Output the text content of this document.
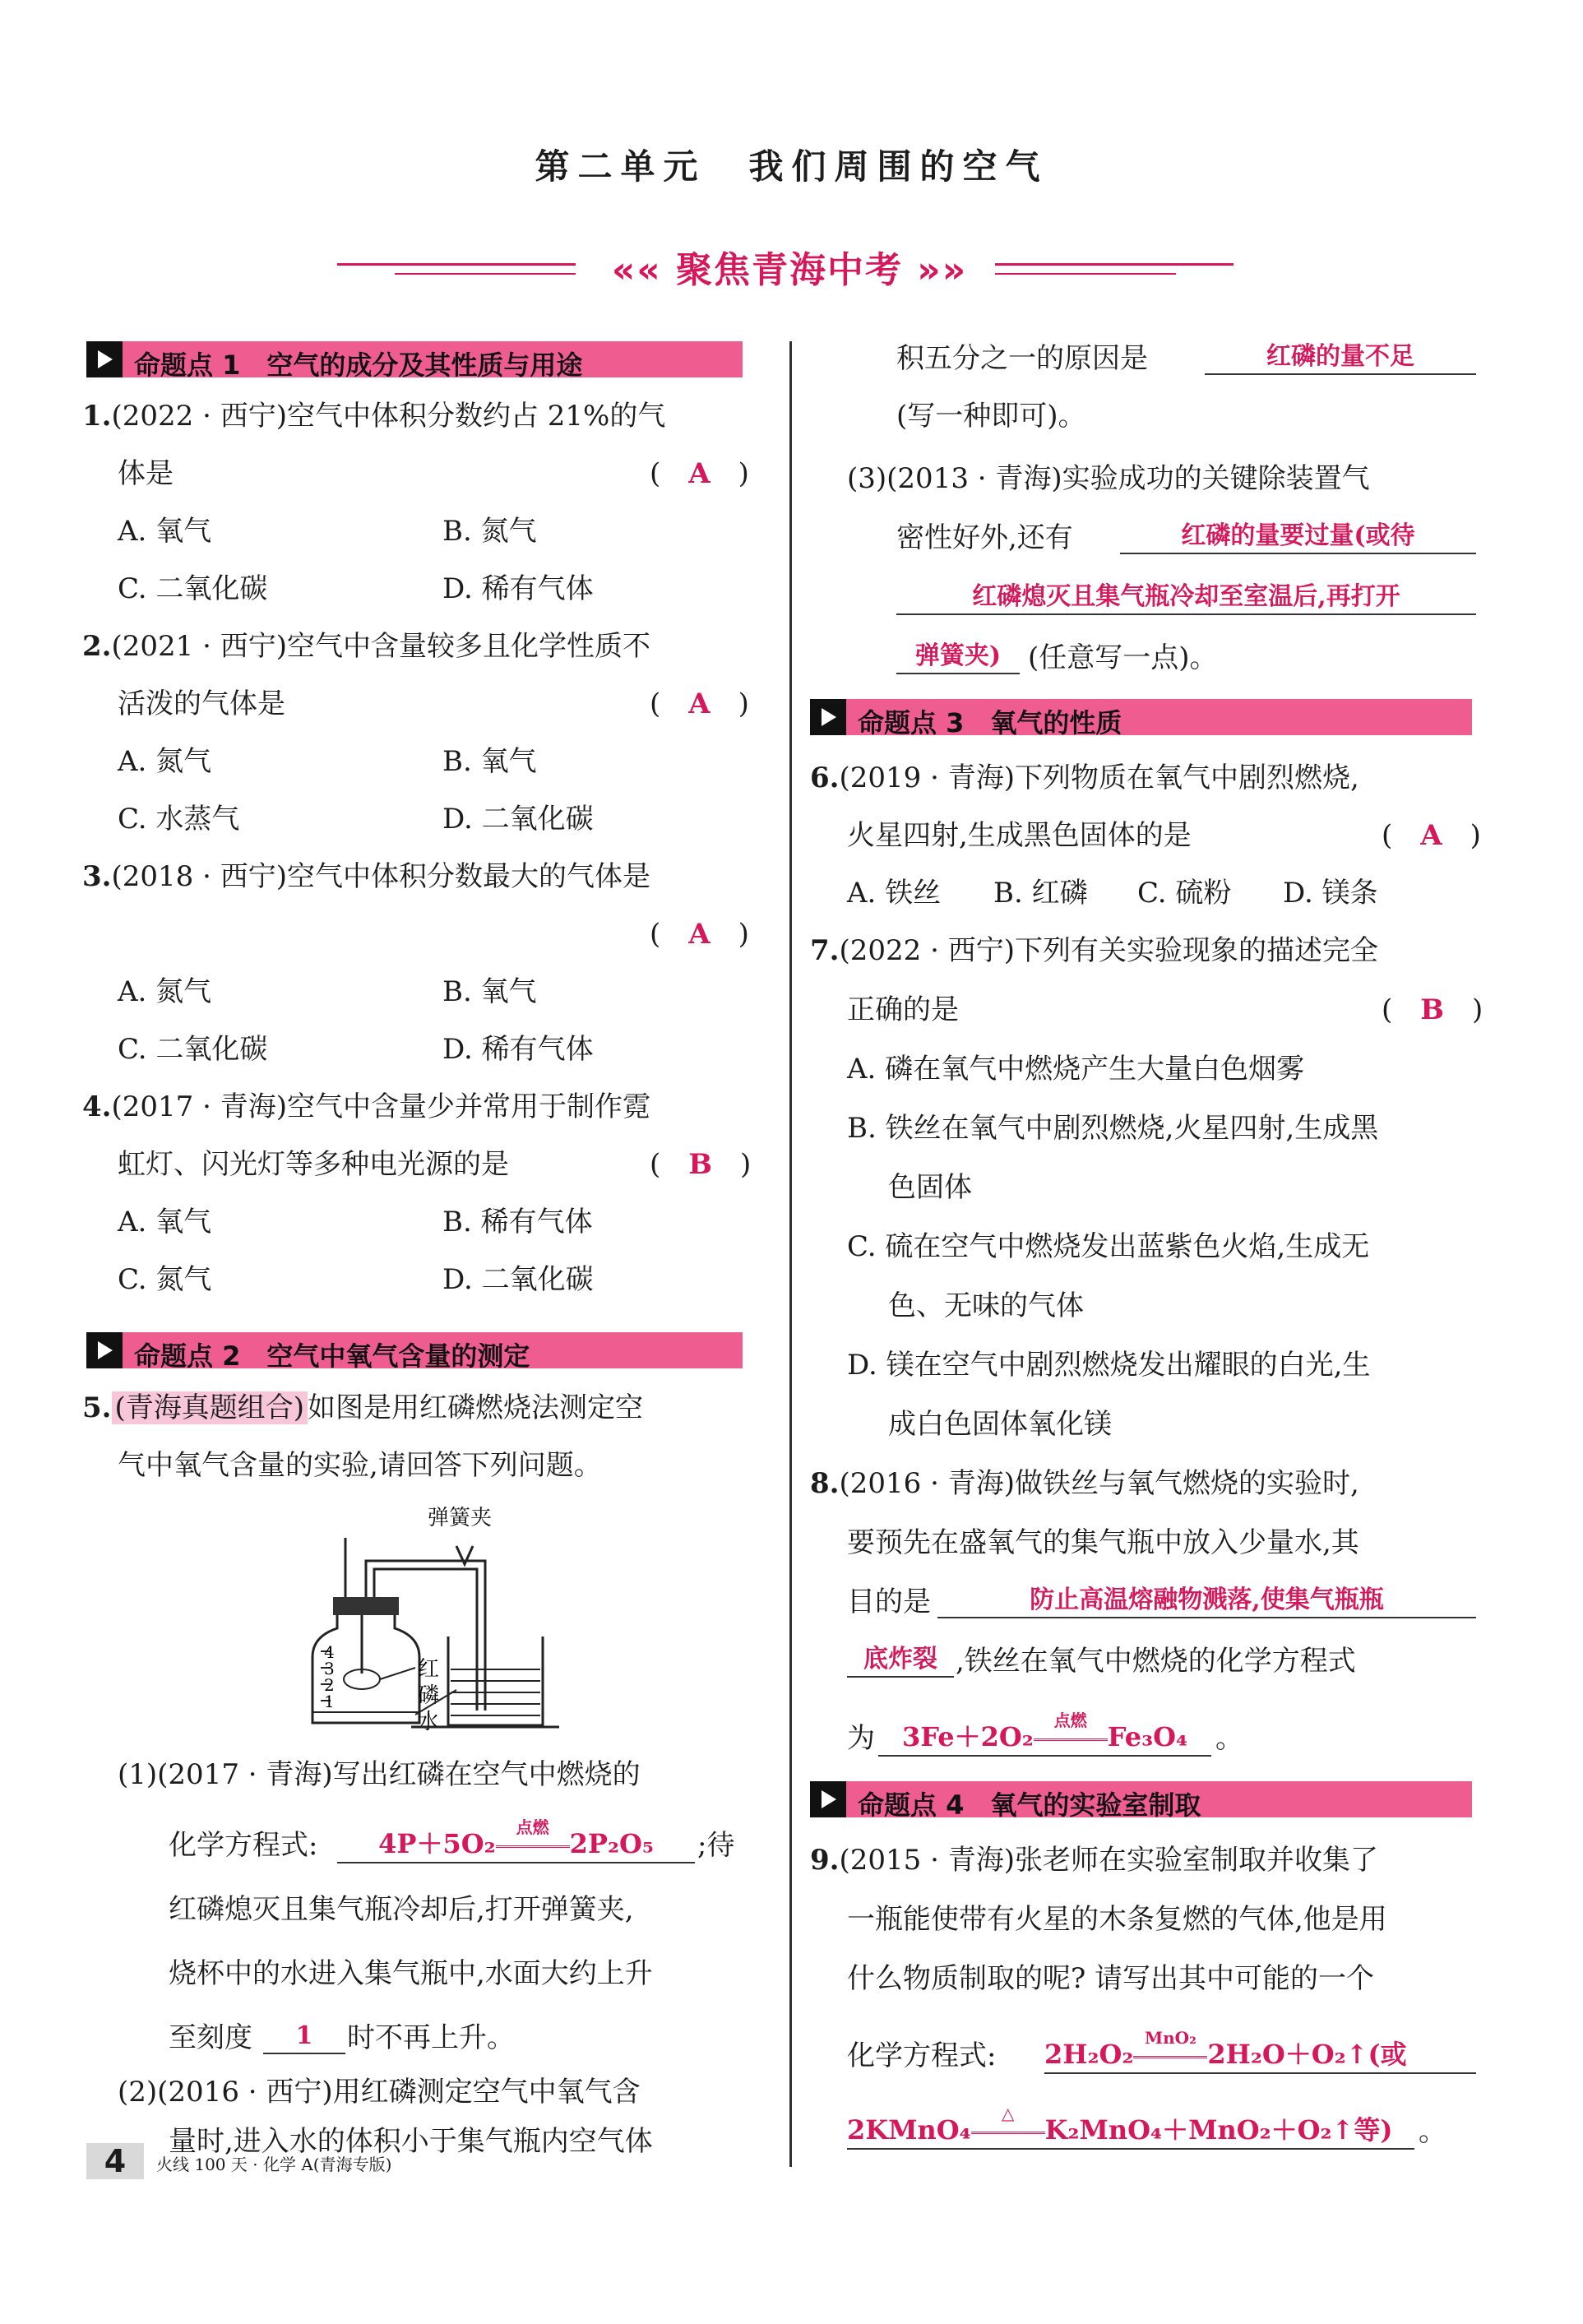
第二单元　我们周围的空气
«« 聚焦青海中考 »»
命题点 1　空气的成分及其性质与用途
1.(2022 · 西宁)空气中体积分数约占 21%的气
体是	(　A　)
A. 氧气	B. 氮气
C. 二氧化碳	D. 稀有气体
2.(2021 · 西宁)空气中含量较多且化学性质不
活泼的气体是	(　A　)
A. 氮气	B. 氧气
C. 水蒸气	D. 二氧化碳
3.(2018 · 西宁)空气中体积分数最大的气体是
(　A　)
A. 氮气	B. 氧气
C. 二氧化碳	D. 稀有气体
4.(2017 · 青海)空气中含量少并常用于制作霓
虹灯、闪光灯等多种电光源的是	(　B　)
A. 氧气	B. 稀有气体
C. 氮气	D. 二氧化碳
命题点 2　空气中氧气含量的测定
5. (青海真题组合) 如图是用红磷燃烧法测定空
气中氧气含量的实验,请回答下列问题。
弹簧夹
4
3
2
1
红
磷
水
(1)(2017 · 青海)写出红磷在空气中燃烧的
化学方程式:	4P＋5O₂
点燃
2P₂O₅	;待
红磷熄灭且集气瓶冷却后,打开弹簧夹,
烧杯中的水进入集气瓶中,水面大约上升
至刻度	1	时不再上升。
(2)(2016 · 西宁)用红磷测定空气中氧气含
量时,进入水的体积小于集气瓶内空气体
积五分之一的原因是	红磷的量不足
(写一种即可)。
(3)(2013 · 青海)实验成功的关键除装置气
密性好外,还有	红磷的量要过量(或待
红磷熄灭且集气瓶冷却至室温后,再打开
弹簧夹) (任意写一点)。
命题点 3　氧气的性质
6.(2019 · 青海)下列物质在氧气中剧烈燃烧,
火星四射,生成黑色固体的是	(　A　)
A. 铁丝 B. 红磷 C. 硫粉 D. 镁条
7.(2022 · 西宁)下列有关实验现象的描述完全
正确的是	(　B　)
A. 磷在氧气中燃烧产生大量白色烟雾
B. 铁丝在氧气中剧烈燃烧,火星四射,生成黑
色固体
C. 硫在空气中燃烧发出蓝紫色火焰,生成无
色、无味的气体
D. 镁在空气中剧烈燃烧发出耀眼的白光,生
成白色固体氧化镁
8.(2016 · 青海)做铁丝与氧气燃烧的实验时,
要预先在盛氧气的集气瓶中放入少量水,其
目的是	防止高温熔融物溅落,使集气瓶瓶
底炸裂 ,铁丝在氧气中燃烧的化学方程式
为	3Fe＋2O₂
点燃
Fe₃O₄	。
命题点 4　氧气的实验室制取
9.(2015 · 青海)张老师在实验室制取并收集了
一瓶能使带有火星的木条复燃的气体,他是用
什么物质制取的呢? 请写出其中可能的一个
化学方程式: 2H₂O₂
MnO₂
2H₂O＋O₂↑(或
2KMnO₄
△
K₂MnO₄＋MnO₂＋O₂↑等) 。
4	火线 100 天 · 化学 A(青海专版)
